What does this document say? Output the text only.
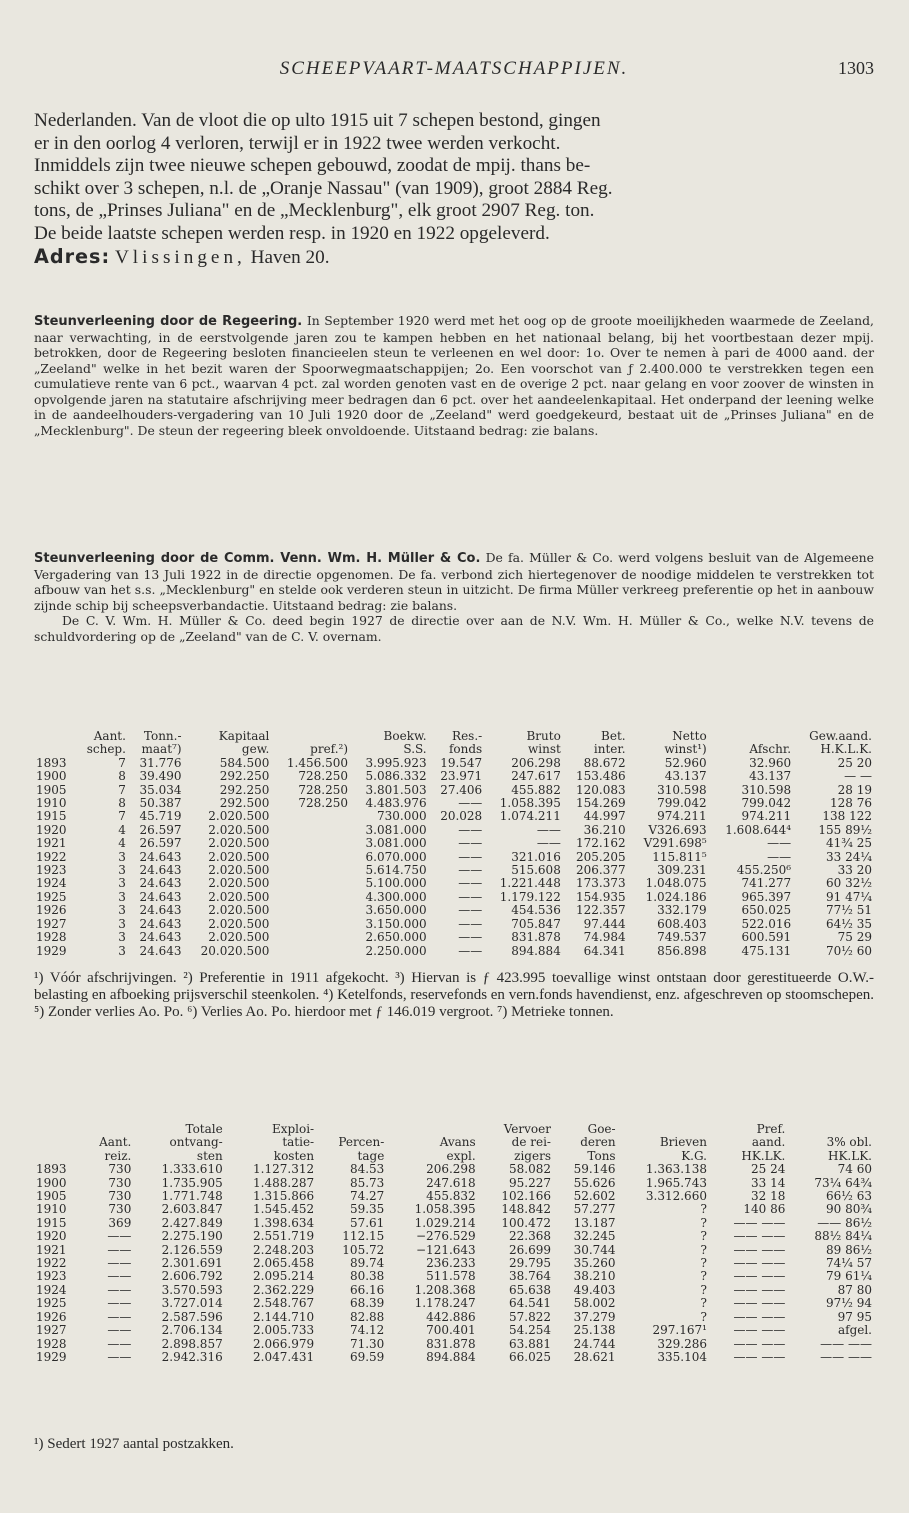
SCHEEPVAART-MAATSCHAPPIJEN.	1303
Nederlanden. Van de vloot die op ulto 1915 uit 7 schepen bestond, gingen
er in den oorlog 4 verloren, terwijl er in 1922 twee werden verkocht.
Inmiddels zijn twee nieuwe schepen gebouwd, zoodat de mpij. thans be-
schikt over 3 schepen, n.l. de „Oranje Nassau" (van 1909), groot 2884 Reg.
tons, de „Prinses Juliana" en de „Mecklenburg", elk groot 2907 Reg. ton.
De beide laatste schepen werden resp. in 1920 en 1922 opgeleverd.
Adres: Vlissingen, Haven 20.
Steunverleening door de Regeering. In September 1920 werd met het oog op de groote moeilijkheden waarmede de Zeeland, naar verwachting, in de eerstvolgende jaren zou te kampen hebben en het nationaal belang, bij het voortbestaan dezer mpij. betrokken, door de Regeering besloten financieelen steun te verleenen en wel door: 1o. Over te nemen à pari de 4000 aand. der „Zeeland" welke in het bezit waren der Spoorwegmaatschappijen; 2o. Een voorschot van ƒ 2.400.000 te verstrekken tegen een cumulatieve rente van 6 pct., waarvan 4 pct. zal worden genoten vast en de overige 2 pct. naar gelang en voor zoover de winsten in opvolgende jaren na statutaire afschrijving meer bedragen dan 6 pct. over het aandeelenkapitaal. Het onderpand der leening welke in de aandeelhouders-vergadering van 10 Juli 1920 door de „Zeeland" werd goedgekeurd, bestaat uit de „Prinses Juliana" en de „Mecklenburg". De steun der regeering bleek onvoldoende. Uitstaand bedrag: zie balans.
Steunverleening door de Comm. Venn. Wm. H. Müller & Co. De fa. Müller & Co. werd volgens besluit van de Algemeene Vergadering van 13 Juli 1922 in de directie opgenomen. De fa. verbond zich hiertegenover de noodige middelen te verstrekken tot afbouw van het s.s. „Mecklenburg" en stelde ook verderen steun in uitzicht. De firma Müller verkreeg preferentie op het in aanbouw zijnde schip bij scheepsverbandactie. Uitstaand bedrag: zie balans.
De C. V. Wm. H. Müller & Co. deed begin 1927 de directie over aan de N.V. Wm. H. Müller & Co., welke N.V. tevens de schuldvordering op de „Zeeland" van de C. V. overnam.
	Aant.	Tonn.-	Kapitaal		Boekw.	Res.-	Bruto	Bet.	Netto		Gew.aand.
	schep.	maat⁷)	gew.	pref.²)	S.S.	fonds	winst	inter.	winst¹)	Afschr.	H.K.L.K.
1893	7	31.776	584.500	1.456.500	3.995.923	19.547	206.298	88.672	52.960	32.960	25 20
1900	8	39.490	292.250	728.250	5.086.332	23.971	247.617	153.486	43.137	43.137	— —
1905	7	35.034	292.250	728.250	3.801.503	27.406	455.882	120.083	310.598	310.598	28 19
1910	8	50.387	292.500	728.250	4.483.976	——	1.058.395	154.269	799.042	799.042	128 76
1915	7	45.719	2.020.500		730.000	20.028	1.074.211	44.997	974.211	974.211	138 122
1920	4	26.597	2.020.500		3.081.000	——	——	36.210	V326.693	1.608.644⁴	155 89½
1921	4	26.597	2.020.500		3.081.000	——	——	172.162	V291.698⁵	——	41¾ 25
1922	3	24.643	2.020.500		6.070.000	——	321.016	205.205	115.811⁵	——	33 24¼
1923	3	24.643	2.020.500		5.614.750	——	515.608	206.377	309.231	455.250⁶	33 20
1924	3	24.643	2.020.500		5.100.000	——	1.221.448	173.373	1.048.075	741.277	60 32½
1925	3	24.643	2.020.500		4.300.000	——	1.179.122	154.935	1.024.186	965.397	91 47¼
1926	3	24.643	2.020.500		3.650.000	——	454.536	122.357	332.179	650.025	77½ 51
1927	3	24.643	2.020.500		3.150.000	——	705.847	97.444	608.403	522.016	64½ 35
1928	3	24.643	2.020.500		2.650.000	——	831.878	74.984	749.537	600.591	75 29
1929	3	24.643	20.020.500		2.250.000	——	894.884	64.341	856.898	475.131	70½ 60
¹) Vóór afschrijvingen. ²) Preferentie in 1911 afgekocht. ³) Hiervan is ƒ 423.995 toevallige winst ontstaan door gerestitueerde O.W.-belasting en afboeking prijsverschil steenkolen. ⁴) Ketelfonds, reservefonds en vern.fonds havendienst, enz. afgeschreven op stoomschepen. ⁵) Zonder verlies Ao. Po. ⁶) Verlies Ao. Po. hierdoor met ƒ 146.019 vergroot. ⁷) Metrieke tonnen.
		Totale	Exploi-			Vervoer	Goe-		Pref.	
	Aant.	ontvang-	tatie-	Percen-	Avans	de rei-	deren	Brieven	aand.	3% obl.
	reiz.	sten	kosten	tage	expl.	zigers	Tons	K.G.	HK.LK.	HK.LK.
1893	730	1.333.610	1.127.312	84.53	206.298	58.082	59.146	1.363.138	25 24	74 60
1900	730	1.735.905	1.488.287	85.73	247.618	95.227	55.626	1.965.743	33 14	73¼ 64¾
1905	730	1.771.748	1.315.866	74.27	455.832	102.166	52.602	3.312.660	32 18	66½ 63
1910	730	2.603.847	1.545.452	59.35	1.058.395	148.842	57.277	?	140 86	90 80¾
1915	369	2.427.849	1.398.634	57.61	1.029.214	100.472	13.187	?	—— ——	—— 86½
1920	——	2.275.190	2.551.719	112.15	−276.529	22.368	32.245	?	—— ——	88½ 84¼
1921	——	2.126.559	2.248.203	105.72	−121.643	26.699	30.744	?	—— ——	89 86½
1922	——	2.301.691	2.065.458	89.74	236.233	29.795	35.260	?	—— ——	74¼ 57
1923	——	2.606.792	2.095.214	80.38	511.578	38.764	38.210	?	—— ——	79 61¼
1924	——	3.570.593	2.362.229	66.16	1.208.368	65.638	49.403	?	—— ——	87 80
1925	——	3.727.014	2.548.767	68.39	1.178.247	64.541	58.002	?	—— ——	97½ 94
1926	——	2.587.596	2.144.710	82.88	442.886	57.822	37.279	?	—— ——	97 95
1927	——	2.706.134	2.005.733	74.12	700.401	54.254	25.138	297.167¹	—— ——	afgel.
1928	——	2.898.857	2.066.979	71.30	831.878	63.881	24.744	329.286	—— ——	—— ——
1929	——	2.942.316	2.047.431	69.59	894.884	66.025	28.621	335.104	—— ——	—— ——
¹) Sedert 1927 aantal postzakken.
